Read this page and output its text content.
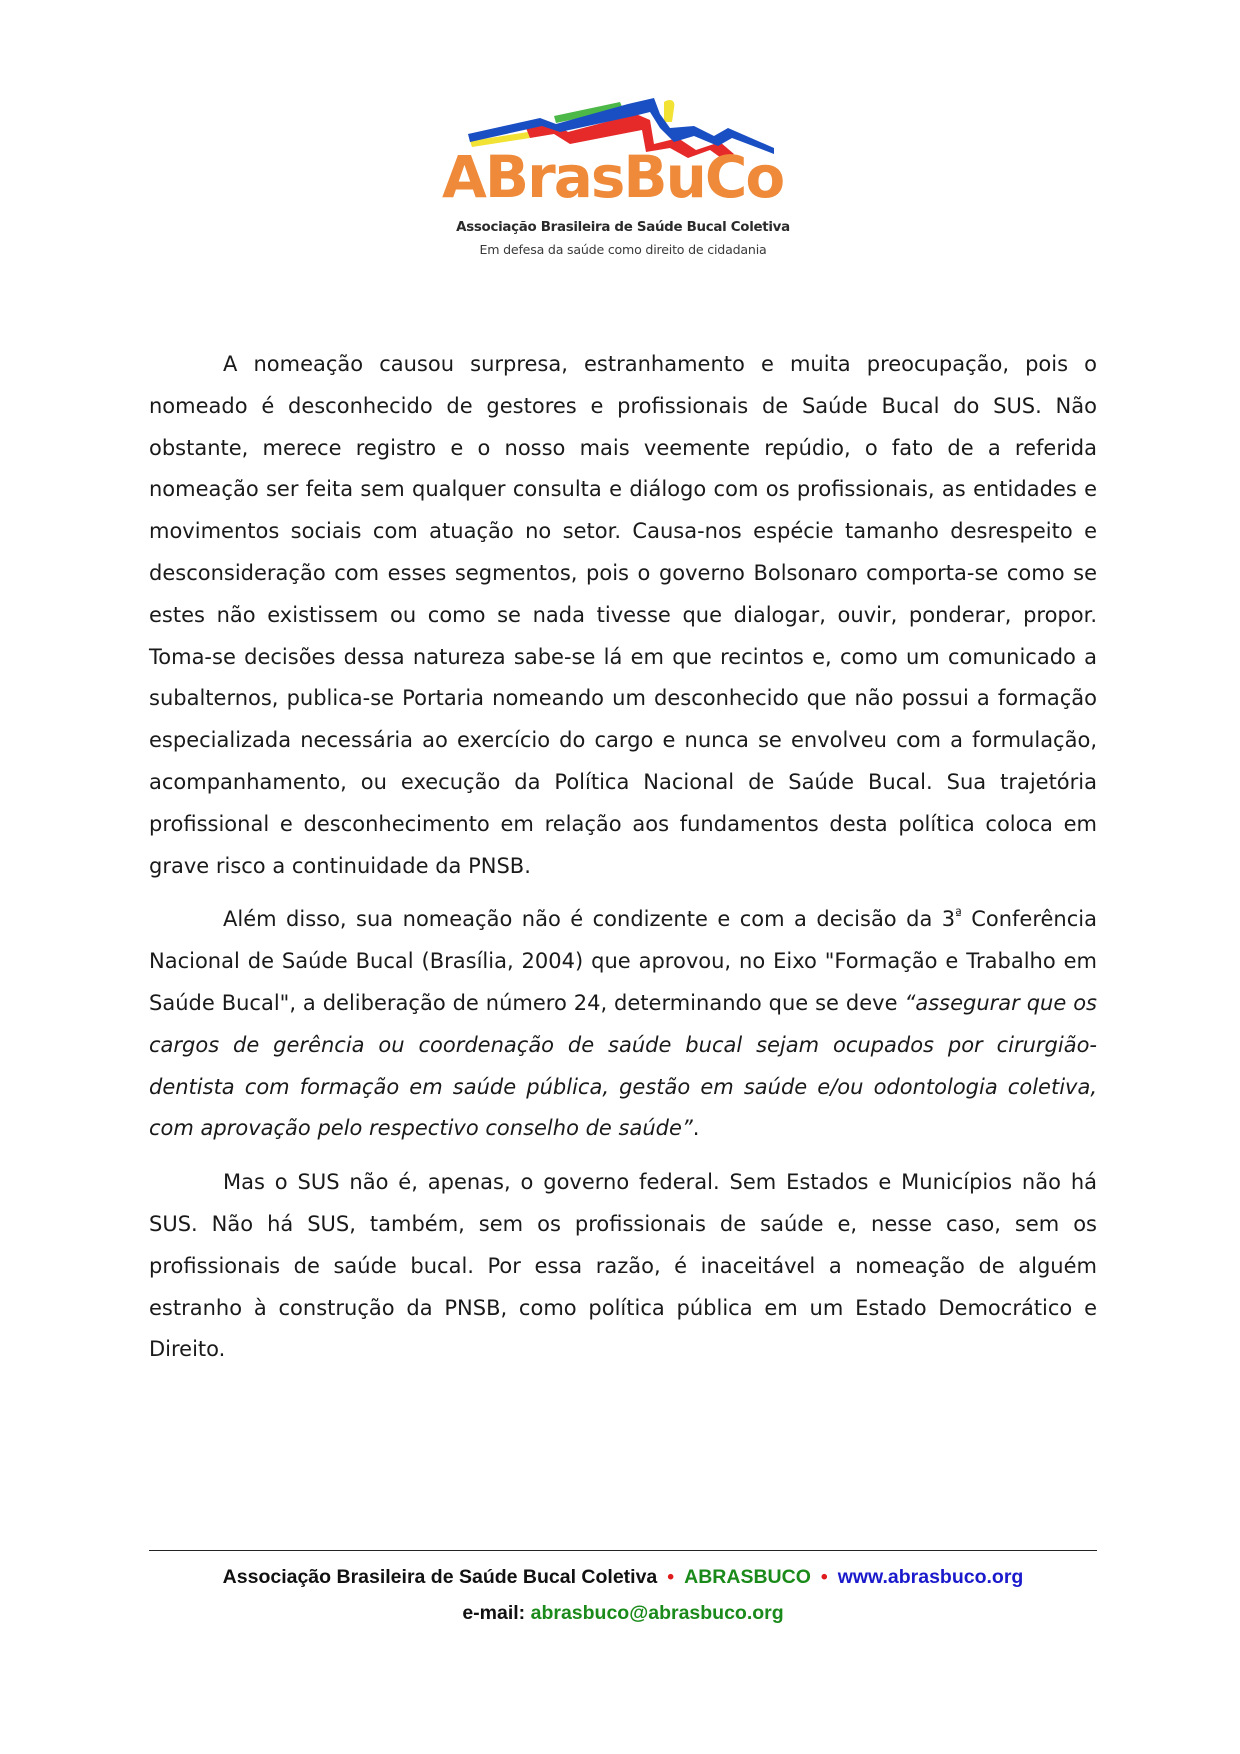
ABrasBuCo
Associação Brasileira de Saúde Bucal Coletiva
Em defesa da saúde como direito de cidadania

A nomeação causou surpresa, estranhamento e muita preocupação, pois o nomeado é desconhecido de gestores e profissionais de Saúde Bucal do SUS. Não obstante, merece registro e o nosso mais veemente repúdio, o fato de a referida nomeação ser feita sem qualquer consulta e diálogo com os profissionais, as entidades e movimentos sociais com atuação no setor. Causa-nos espécie tamanho desrespeito e desconsideração com esses segmentos, pois o governo Bolsonaro comporta-se como se estes não existissem ou como se nada tivesse que dialogar, ouvir, ponderar, propor. Toma-se decisões dessa natureza sabe-se lá em que recintos e, como um comunicado a subalternos, publica-se Portaria nomeando um desconhecido que não possui a formação especializada necessária ao exercício do cargo e nunca se envolveu com a formulação, acompanhamento, ou execução da Política Nacional de Saúde Bucal. Sua trajetória profissional e desconhecimento em relação aos fundamentos desta política coloca em grave risco a continuidade da PNSB.

Além disso, sua nomeação não é condizente e com a decisão da $3^ª$ Conferência Nacional de Saúde Bucal (Brasília, 2004) que aprovou, no Eixo "Formação e Trabalho em Saúde Bucal", a deliberação de número 24, determinando que se deve “assegurar que os cargos de gerência ou coordenação de saúde bucal sejam ocupados por cirurgião-dentista com formação em saúde pública, gestão em saúde e/ou odontologia coletiva, com aprovação pelo respectivo conselho de saúde”.

Mas o SUS não é, apenas, o governo federal. Sem Estados e Municípios não há SUS. Não há SUS, também, sem os profissionais de saúde e, nesse caso, sem os profissionais de saúde bucal. Por essa razão, é inaceitável a nomeação de alguém estranho à construção da PNSB, como política pública em um Estado Democrático e Direito.

Associação Brasileira de Saúde Bucal Coletiva • ABRASBUCO • www.abrasbuco.org
e-mail: abrasbuco@abrasbuco.org
